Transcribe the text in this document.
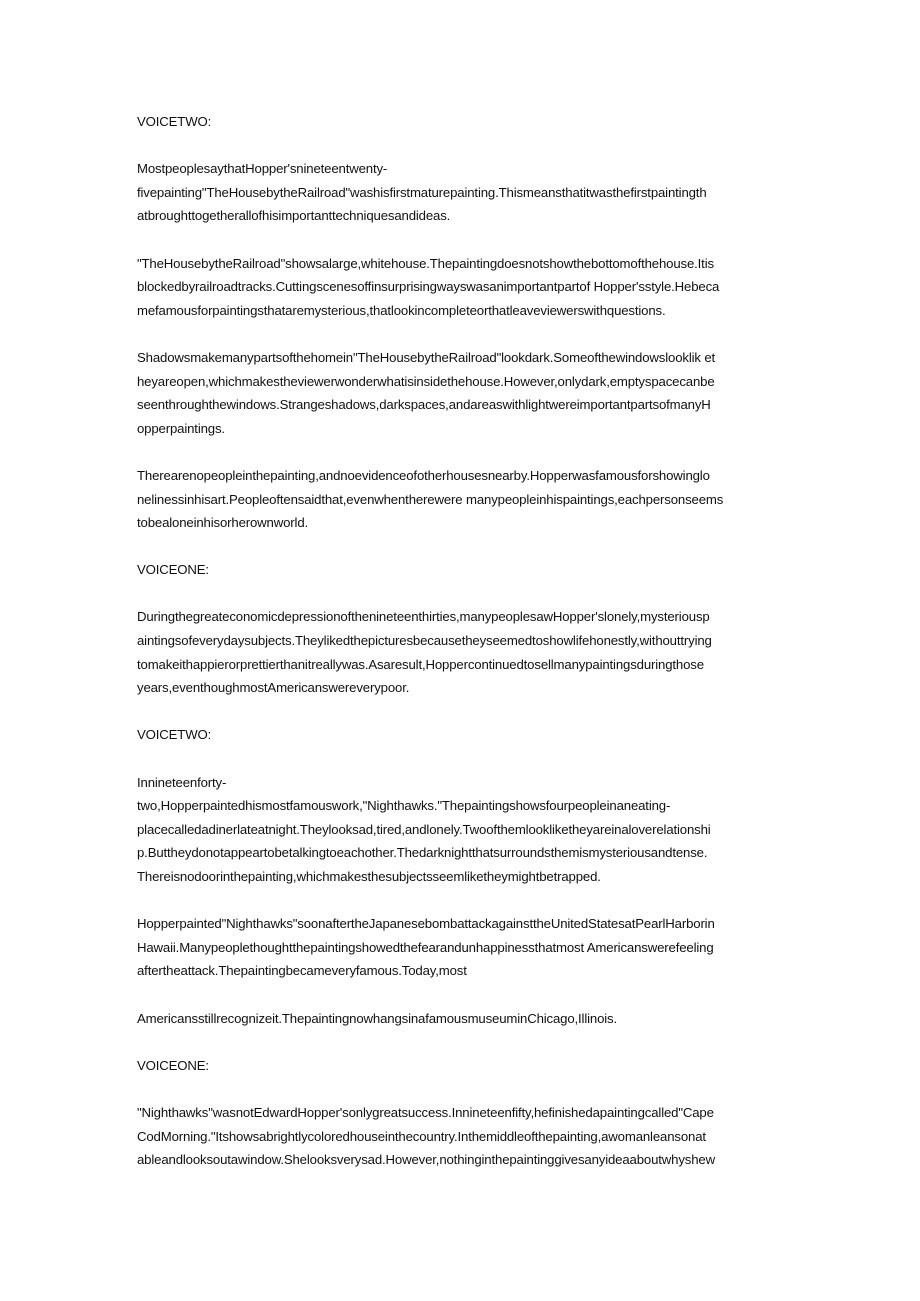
VOICETWO:
MostpeoplesaythatHopper'snineteentwenty-
fivepainting"TheHousebytheRailroad"washisfirstmaturepainting.Thismeansthatitwasthefirstpaintingth
atbroughttogetherallofhisimportanttechniquesandideas.
"TheHousebytheRailroad"showsalarge,whitehouse.Thepaintingdoesnotshowthebottomofthehouse.Itis
blockedbyrailroadtracks.Cuttingscenesoffinsurprisingwayswasanimportantpartof Hopper'sstyle.Hebeca
mefamousforpaintingsthataremysterious,thatlookincompleteorthatleaveviewerswithquestions.
Shadowsmakemanypartsofthehomein"TheHousebytheRailroad"lookdark.Someofthewindowslooklik et
heyareopen,whichmakestheviewerwonderwhatisinsidethehouse.However,onlydark,emptyspacecanbe
seenthroughthewindows.Strangeshadows,darkspaces,andareaswithlightwereimportantpartsofmanyH
opperpaintings.
Therearenopeopleinthepainting,andnoevidenceofotherhousesnearby.Hopperwasfamousforshowinglo
nelinessinhisart.Peopleoftensaidthat,evenwhentherewere manypeopleinhispaintings,eachpersonseems
tobealoneinhisorherownworld.
VOICEONE:
Duringthegreateconomicdepressionofthenineteenthirties,manypeoplesawHopper'slonely,mysteriousp
aintingsofeverydaysubjects.Theylikedthepicturesbecausetheyseemedtoshowlifehonestly,withouttrying
tomakeithappierorprettierthanitreallywas.Asaresult,Hoppercontinuedtosellmanypaintingsduringthose
years,eventhoughmostAmericanswereverypoor.
VOICETWO:
Innineteenforty-
two,Hopperpaintedhismostfamouswork,"Nighthawks."Thepaintingshowsfourpeopleinaneating-
placecalledadinerlateatnight.Theylooksad,tired,andlonely.Twoofthemlookliketheyareinaloverelationshi
p.Buttheydonotappeartobetalkingtoeachother.Thedarknightthatsurroundsthemismysteriousandtense.
Thereisnodoorinthepainting,whichmakesthesubjectsseemliketheymightbetrapped.
Hopperpainted"Nighthawks"soonaftertheJapanesebombattackagainsttheUnitedStatesatPearlHarborin
Hawaii.Manypeoplethoughtthepaintingshowedthefearandunhappinessthatmost Americanswerefeeling
aftertheattack.Thepaintingbecameveryfamous.Today,most
Americansstillrecognizeit.ThepaintingnowhangsinafamousmuseuminChicago,Illinois.
VOICEONE:
"Nighthawks"wasnotEdwardHopper'sonlygreatsuccess.Innineteenfifty,hefinishedapaintingcalled"Cape
CodMorning."Itshowsabrightlycoloredhouseinthecountry.Inthemiddleofthepainting,awomanleansonat
ableandlooksoutawindow.Shelooksverysad.However,nothinginthepaintinggivesanyideaaboutwhyshew
